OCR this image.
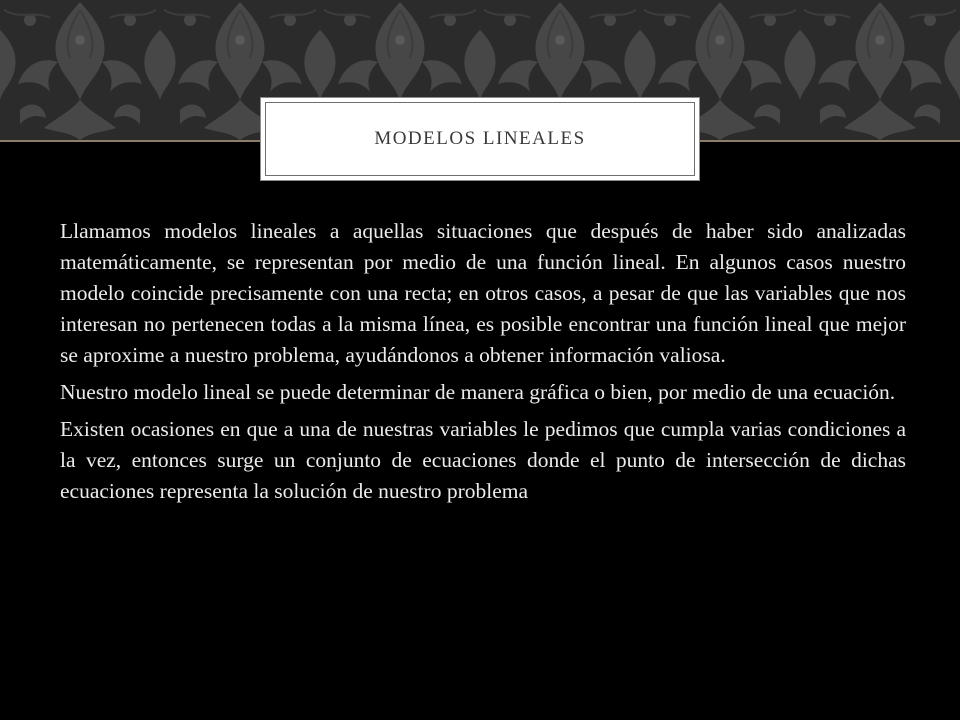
MODELOS LINEALES

Llamamos modelos lineales a aquellas situaciones que después de haber sido analizadas matemáticamente, se representan por medio de una función lineal. En algunos casos nuestro modelo coincide precisamente con una recta; en otros casos, a pesar de que las variables que nos interesan no pertenecen todas a la misma línea, es posible encontrar una función lineal que mejor se aproxime a nuestro problema, ayudándonos a obtener información valiosa.

Nuestro modelo lineal se puede determinar de manera gráfica o bien, por medio de una ecuación.

Existen ocasiones en que a una de nuestras variables le pedimos que cumpla varias condiciones a la vez, entonces surge un conjunto de ecuaciones donde el punto de intersección de dichas ecuaciones representa la solución de nuestro problema
